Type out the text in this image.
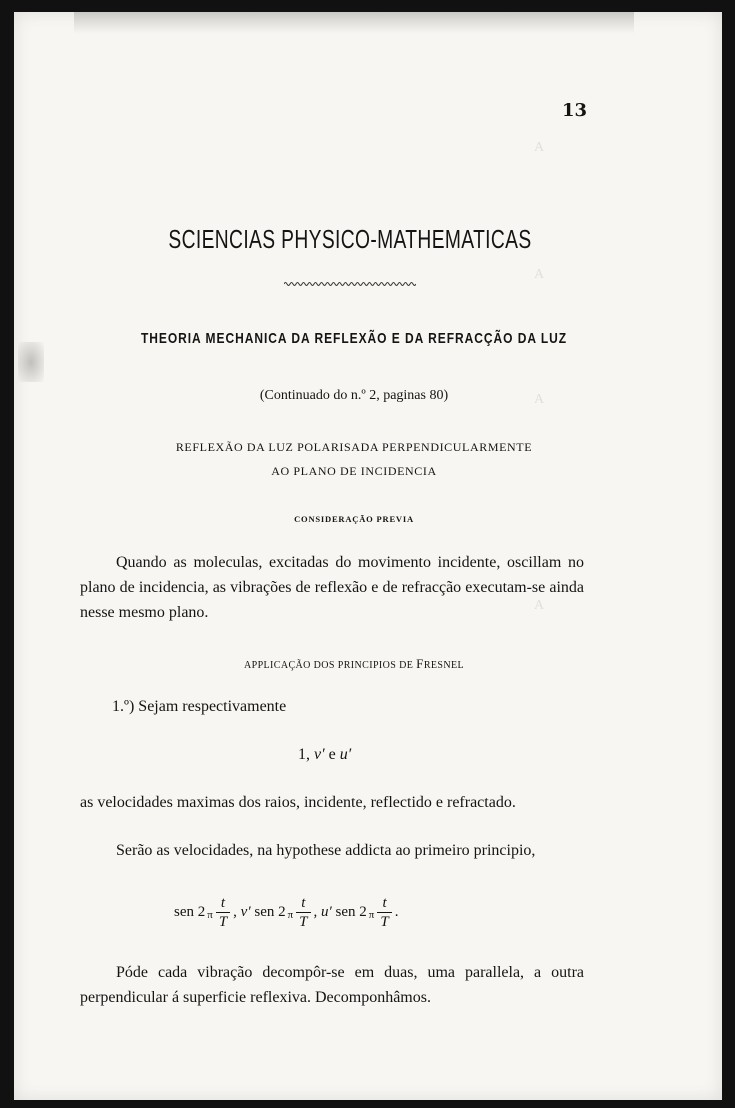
A
A
A
A
13
SCIENCIAS PHYSICO-MATHEMATICAS
THEORIA MECHANICA DA REFLEXÃO E DA REFRACÇÃO DA LUZ

(Continuado do n.º 2, paginas 80)

REFLEXÃO DA LUZ POLARISADA PERPENDICULARMENTE

AO PLANO DE INCIDENCIA

CONSIDERAÇÃO PREVIA

Quando as moleculas, excitadas do movimento incidente, oscillam no plano de incidencia, as vibrações de reflexão e de refracção executam-se ainda nesse mesmo plano.

APPLICAÇÃO DOS PRINCIPIOS DE FRESNEL

1.º) Sejam respectivamente

1, v′ e u′

as velocidades maximas dos raios, incidente, reflectido e refractado.

Serão as velocidades, na hypothese addicta ao primeiro principio,

sen 2 π $\frac{t}{T}$ , v′ sen 2 π $\frac{t}{T}$ , u′ sen 2 π $\frac{t}{T}$ .

Póde cada vibração decompôr-se em duas, uma parallela, a outra perpendicular á superficie reflexiva. Decomponhâmos.
